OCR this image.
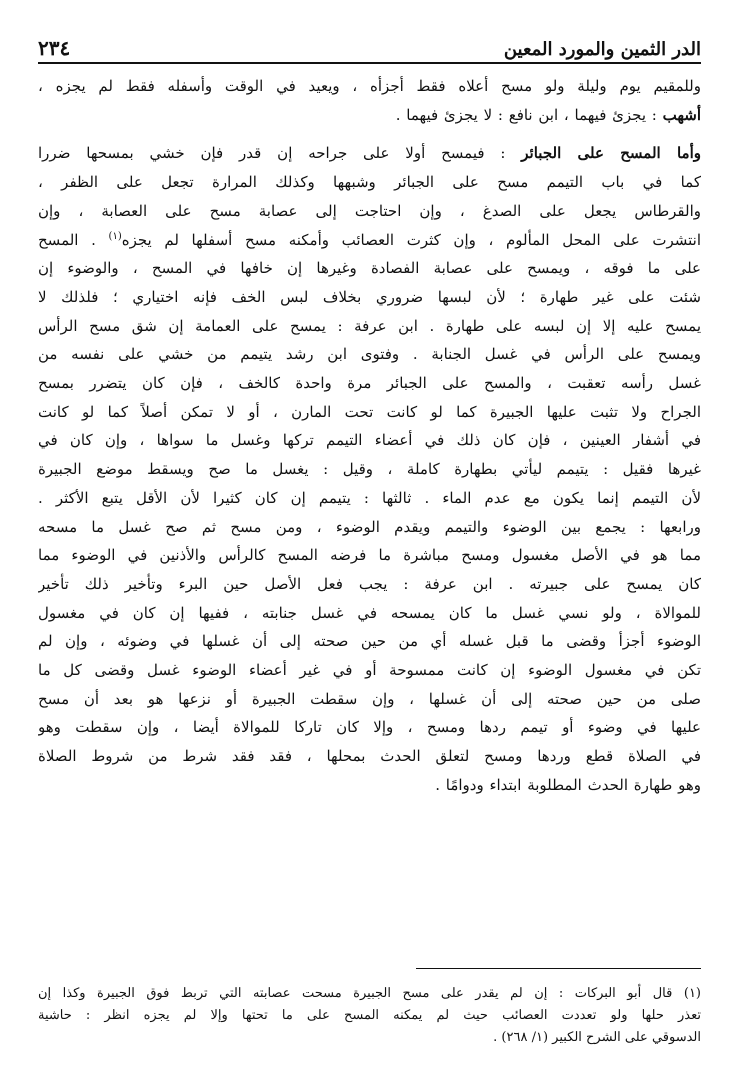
الدر الثمين والمورد المعين
٢٣٤
وللمقيم يوم وليلة ولو مسح أعلاه فقط أجزأه ، ويعيد في الوقت وأسفله فقط لم يجزه ،
أشهب : يجزئ فيهما ، ابن نافع : لا يجزئ فيهما .
وأما المسح على الجبائر : فيمسح أولا على جراحه إن قدر فإن خشي بمسحها ضررا
كما في باب التيمم مسح على الجبائر وشبهها وكذلك المرارة تجعل على الظفر ،
والقرطاس يجعل على الصدغ ، وإن احتاجت إلى عصابة مسح على العصابة ، وإن
انتشرت على المحل المألوم ، وإن كثرت العصائب وأمكنه مسح أسفلها لم يجزه$^{(١)}$ . المسح
على ما فوقه ، ويمسح على عصابة الفصادة وغيرها إن خافها في المسح ، والوضوء إن
شئت على غير طهارة ؛ لأن لبسها ضروري بخلاف لبس الخف فإنه اختياري ؛ فلذلك لا
يمسح عليه إلا إن لبسه على طهارة . ابن عرفة : يمسح على العمامة إن شق مسح الرأس
ويمسح على الرأس في غسل الجنابة . وفتوى ابن رشد يتيمم من خشي على نفسه من
غسل رأسه تعقبت ، والمسح على الجبائر مرة واحدة كالخف ، فإن كان يتضرر بمسح
الجراح ولا تثبت عليها الجبيرة كما لو كانت تحت المارن ، أو لا تمكن أصلاً كما لو كانت
في أشفار العينين ، فإن كان ذلك في أعضاء التيمم تركها وغسل ما سواها ، وإن كان في
غيرها فقيل : يتيمم ليأتي بطهارة كاملة ، وقيل : يغسل ما صح ويسقط موضع الجبيرة
لأن التيمم إنما يكون مع عدم الماء . ثالثها : يتيمم إن كان كثيرا لأن الأقل يتبع الأكثر .
ورابعها : يجمع بين الوضوء والتيمم ويقدم الوضوء ، ومن مسح ثم صح غسل ما مسحه
مما هو في الأصل مغسول ومسح مباشرة ما فرضه المسح كالرأس والأذنين في الوضوء مما
كان يمسح على جبيرته . ابن عرفة : يجب فعل الأصل حين البرء وتأخير ذلك تأخير
للموالاة ، ولو نسي غسل ما كان يمسحه في غسل جنابته ، ففيها إن كان في مغسول
الوضوء أجزأ وقضى ما قبل غسله أي من حين صحته إلى أن غسلها في وضوئه ، وإن لم
تكن في مغسول الوضوء إن كانت ممسوحة أو في غير أعضاء الوضوء غسل وقضى كل ما
صلى من حين صحته إلى أن غسلها ، وإن سقطت الجبيرة أو نزعها هو بعد أن مسح
عليها في وضوء أو تيمم ردها ومسح ، وإلا كان تاركا للموالاة أيضا ، وإن سقطت وهو
في الصلاة قطع وردها ومسح لتعلق الحدث بمحلها ، فقد فقد شرط من شروط الصلاة
وهو طهارة الحدث المطلوبة ابتداء ودوامًا .
(١) قال أبو البركات : إن لم يقدر على مسح الجبيرة مسحت عصابته التي تربط فوق الجبيرة وكذا إن
تعذر حلها ولو تعددت العصائب حيث لم يمكنه المسح على ما تحتها وإلا لم يجزه انظر : حاشية
الدسوقي على الشرح الكبير (١/ ٢٦٨) .
